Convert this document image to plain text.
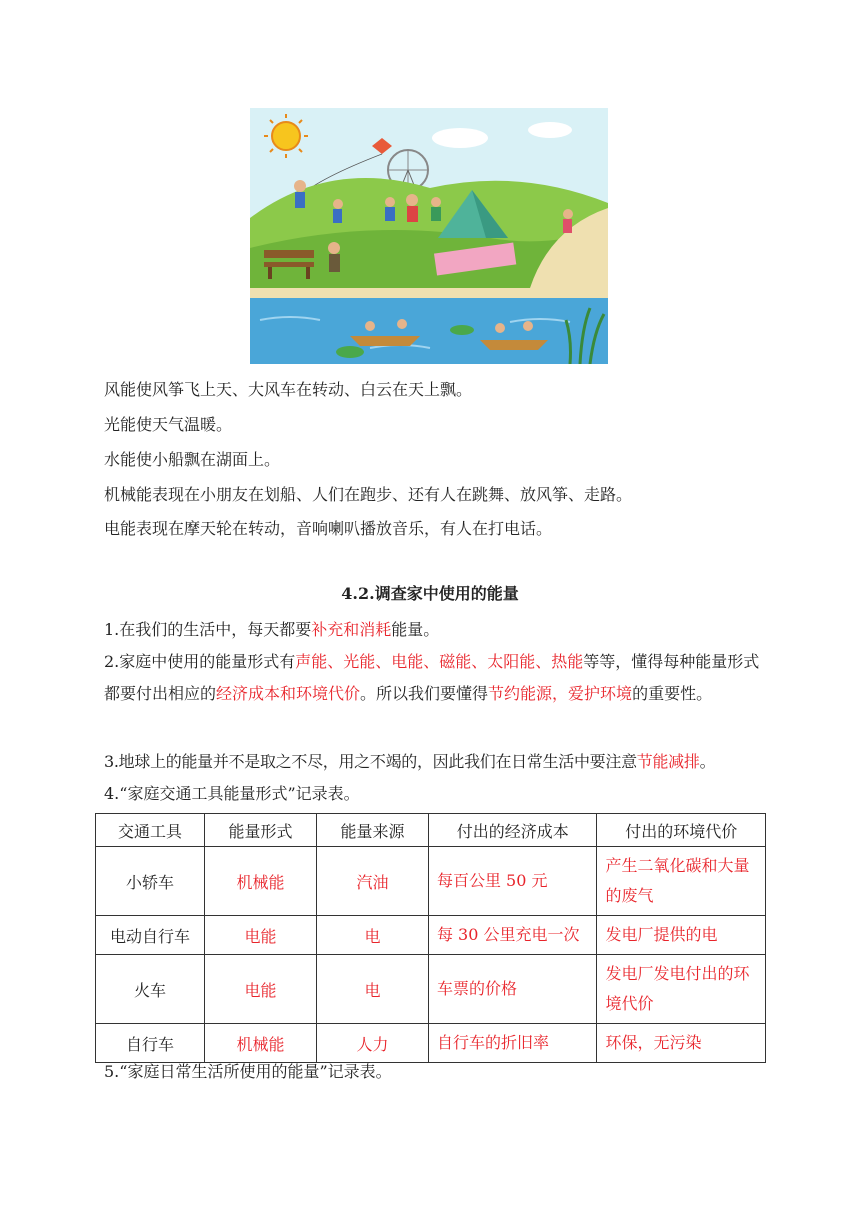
风能使风筝飞上天、大风车在转动、白云在天上飘。
光能使天气温暖。
水能使小船飘在湖面上。
机械能表现在小朋友在划船、人们在跑步、还有人在跳舞、放风筝、走路。
电能表现在摩天轮在转动，音响喇叭播放音乐，有人在打电话。
4.2.调查家中使用的能量
1.在我们的生活中，每天都要补充和消耗能量。
2.家庭中使用的能量形式有声能、光能、电能、磁能、太阳能、热能等等，懂得每种能量形式都要付出相应的经济成本和环境代价。所以我们要懂得节约能源，爱护环境的重要性。
3.地球上的能量并不是取之不尽，用之不竭的，因此我们在日常生活中要注意节能减排。
4.“家庭交通工具能量形式”记录表。
交通工具	能量形式	能量来源	付出的经济成本	付出的环境代价
小轿车	机械能	汽油	每百公里 50 元	产生二氧化碳和大量的废气
电动自行车	电能	电	每 30 公里充电一次	发电厂提供的电
火车	电能	电	车票的价格	发电厂发电付出的环境代价
自行车	机械能	人力	自行车的折旧率	环保，无污染
5.“家庭日常生活所使用的能量”记录表。
